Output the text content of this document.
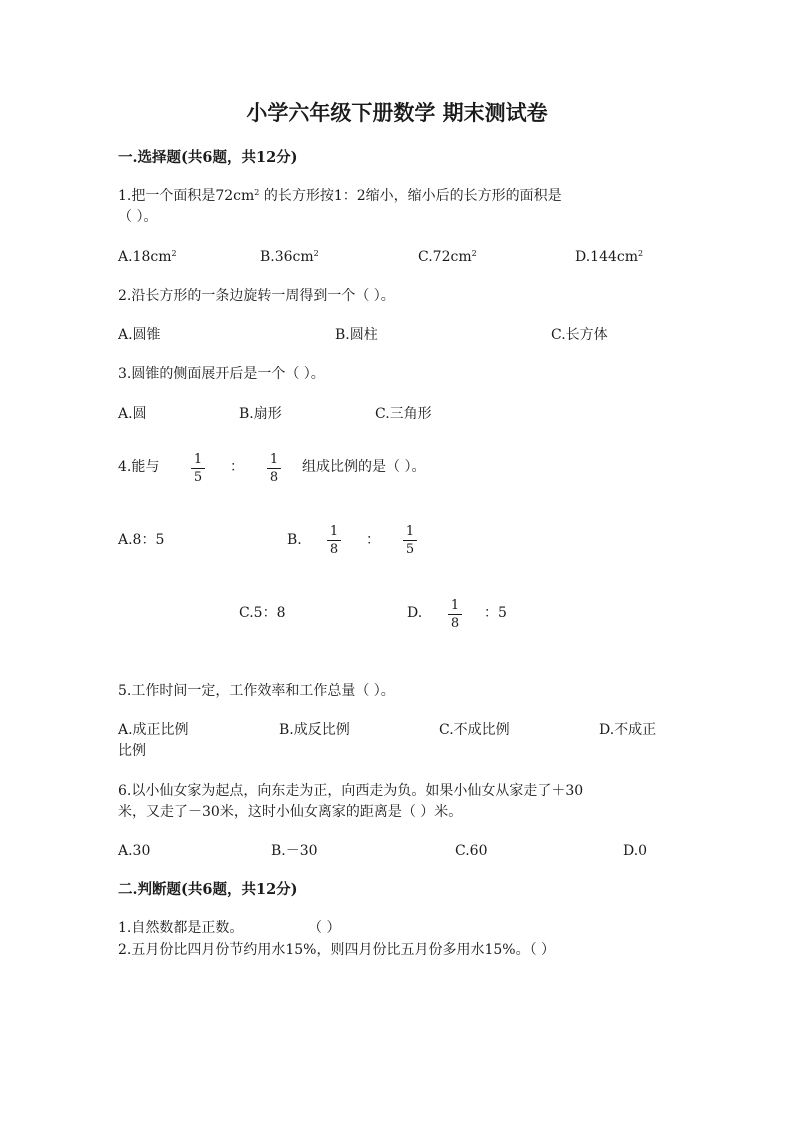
小学六年级下册数学 期末测试卷
一.选择题(共6题，共12分)
1.把一个面积是$72cm^2$ 的长方形按1：2缩小，缩小后的长方形的面积是
（ ）。
$A.18cm^2$	$B.36cm^2$	$C.72cm^2$	$D.144cm^2$
2.沿长方形的一条边旋转一周得到一个（ ）。
A.圆锥	B.圆柱	C.长方体
3.圆锥的侧面展开后是一个（ ）。
A.圆	B.扇形	C.三角形
4.能与	1
5
：	1
8
组成比例的是（ ）。
A.8：5	B.
1
8
：
1
5
C.5：8	D.	1
8
：5
5.工作时间一定，工作效率和工作总量（ ）。
A.成正比例	B.成反比例	C.不成比例	D.不成正
比例
6.以小仙女家为起点，向东走为正，向西走为负。如果小仙女从家走了＋30
米，又走了－30米，这时小仙女离家的距离是（ ）米。
A.30	B.－30	C.60	D.0
二.判断题(共6题，共12分)
1.自然数都是正数。	（ ）
2.五月份比四月份节约用水15%，则四月份比五月份多用水15%。（ ）
